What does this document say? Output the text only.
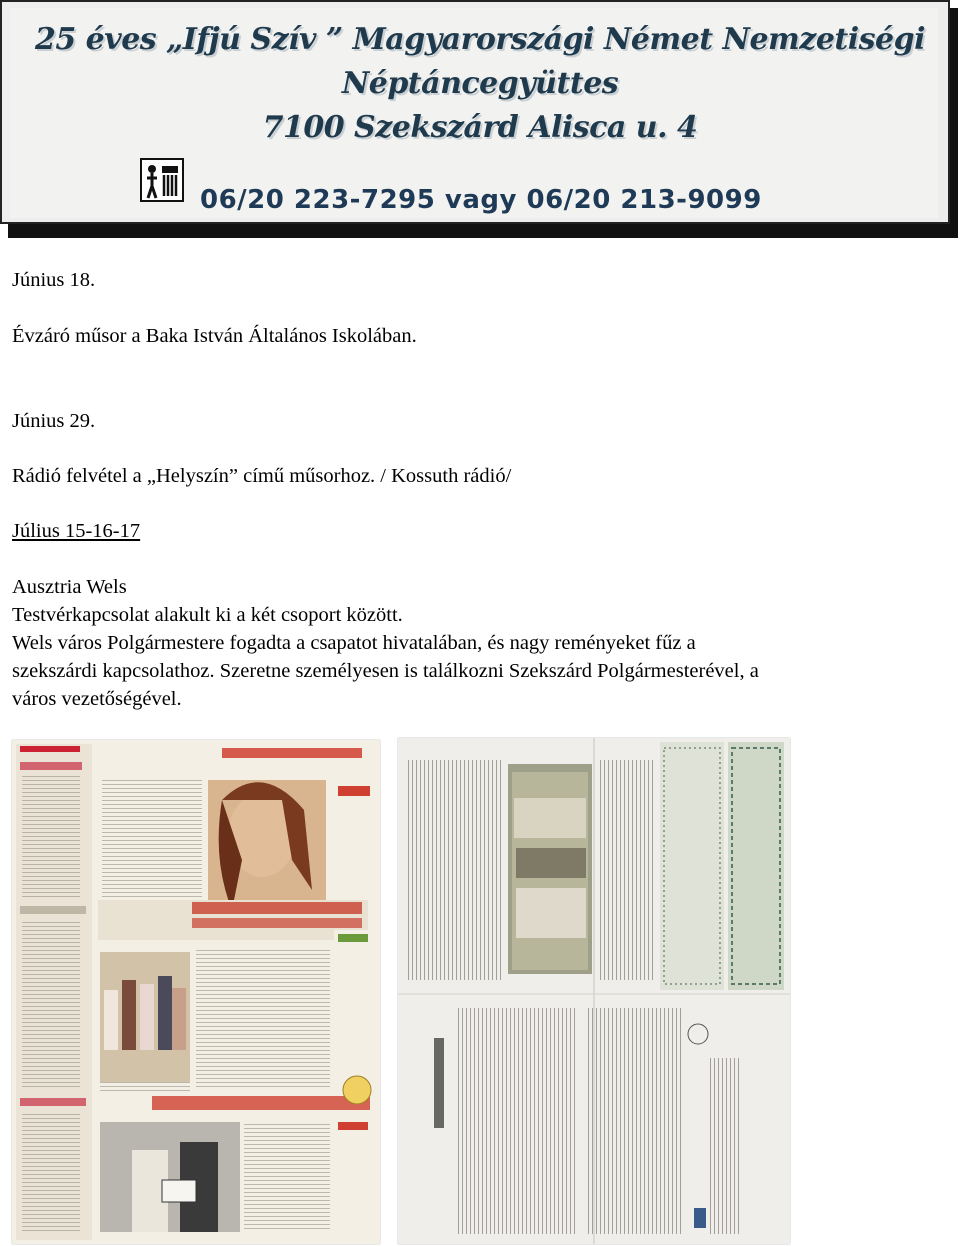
25 éves „Ifjú Szív ” Magyarországi Német Nemzetiségi
Néptáncegyüttes
7100 Szekszárd Alisca u. 4
06/20 223-7295 vagy 06/20 213-9099
Június 18.
Évzáró műsor a Baka István Általános Iskolában.
Június 29.
Rádió felvétel a „Helyszín” című műsorhoz. / Kossuth rádió/
Július 15-16-17
Ausztria Wels
Testvérkapcsolat alakult ki a két csoport között.
Wels város Polgármestere fogadta a csapatot hivatalában, és nagy reményeket fűz a
szekszárdi kapcsolathoz. Szeretne személyesen is találkozni Szekszárd Polgármesterével, a
város vezetőségével.
